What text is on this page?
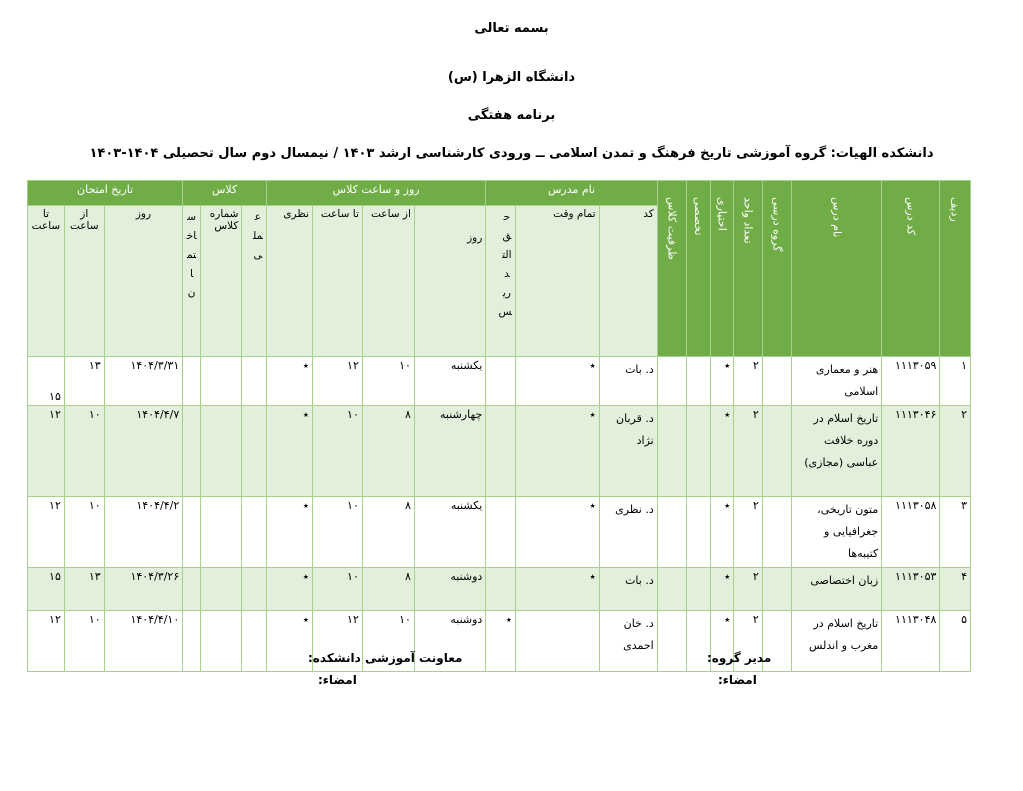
بسمه تعالی
دانشگاه الزهرا (س)
برنامه هفتگی
دانشکده الهیات: گروه آموزشی تاریخ فرهنگ و تمدن اسلامی ــ ورودی کارشناسی ارشد ۱۴۰۳ / نیمسال دوم سال تحصیلی ۱۴۰۴-۱۴۰۳
ردیف	کد درس	نام درس	گروه درسی	تعداد واحد	اختیاری	تخصصی	ظرفیت کلاس	نام مدرس			روز و ساعت کلاس				کلاس			تاریخ امتحان		
								کد	تمام وقت	حق التدریس	روز	از ساعت	تا ساعت	نظری	عملی	شماره کلاس	ساختمان	روز	از ساعت	تا ساعت
۱	۱۱۱۳۰۵۹	هنر و معماری اسلامی		۲	٭			د. بات	٭		یکشنبه	۱۰	۱۲	٭				۱۴۰۴/۳/۳۱	۱۳	۱۵
۲	۱۱۱۳۰۴۶	تاریخ اسلام در دوره خلافت عباسی (مجازی)		۲	٭			د. قربان نژاد	٭		چهارشنبه	۸	۱۰	٭				۱۴۰۴/۴/۷	۱۰	۱۲
۳	۱۱۱۳۰۵۸	متون تاریخی، جغرافیایی و کتیبه‌ها		۲	٭			د. نظری	٭		یکشنبه	۸	۱۰	٭				۱۴۰۴/۴/۲	۱۰	۱۲
۴	۱۱۱۳۰۵۳	زبان اختصاصی		۲	٭			د. بات	٭		دوشنبه	۸	۱۰	٭				۱۴۰۴/۳/۲۶	۱۳	۱۵
۵	۱۱۱۳۰۴۸	تاریخ اسلام در مغرب و اندلس		۲	٭			د. خان احمدی		٭	دوشنبه	۱۰	۱۲	٭				۱۴۰۴/۴/۱۰	۱۰	۱۲
مدیر گروه:
امضاء:
معاونت آموزشی دانشکده:
امضاء:
